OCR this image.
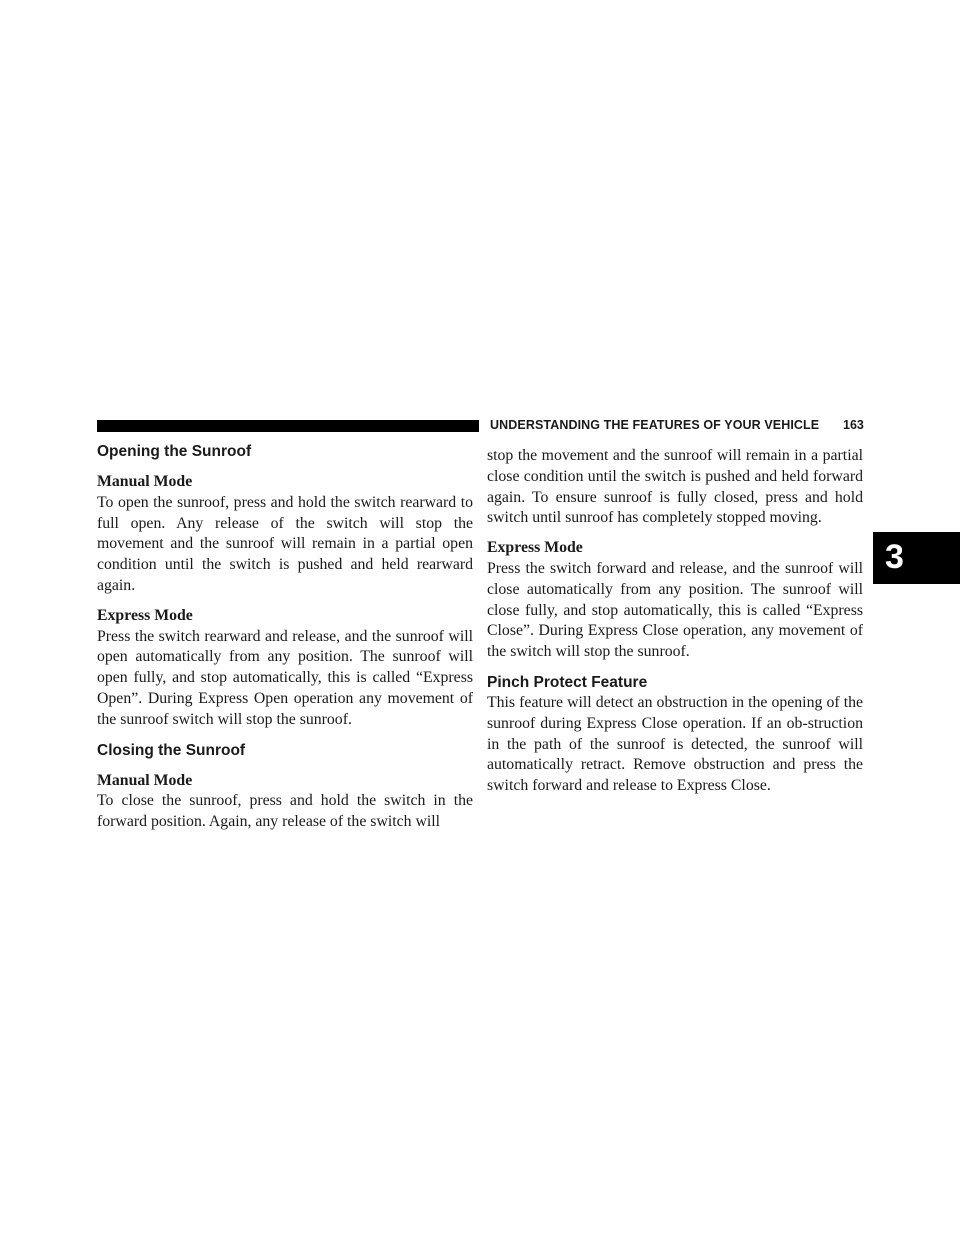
UNDERSTANDING THE FEATURES OF YOUR VEHICLE 163
3
Opening the Sunroof
Manual Mode

To open the sunroof, press and hold the switch rearward to full open. Any release of the switch will stop the movement and the sunroof will remain in a partial open condition until the switch is pushed and held rearward again.

Express Mode

Press the switch rearward and release, and the sunroof will open automatically from any position. The sunroof will open fully, and stop automatically, this is called “Express Open”. During Express Open operation any movement of the sunroof switch will stop the sunroof.

Closing the Sunroof
Manual Mode

To close the sunroof, press and hold the switch in the forward position. Again, any release of the switch will

stop the movement and the sunroof will remain in a partial close condition until the switch is pushed and held forward again. To ensure sunroof is fully closed, press and hold switch until sunroof has completely stopped moving.

Express Mode

Press the switch forward and release, and the sunroof will close automatically from any position. The sunroof will close fully, and stop automatically, this is called “Express Close”. During Express Close operation, any movement of the switch will stop the sunroof.

Pinch Protect Feature

This feature will detect an obstruction in the opening of the sunroof during Express Close operation. If an ob-struction in the path of the sunroof is detected, the sunroof will automatically retract. Remove obstruction and press the switch forward and release to Express Close.
